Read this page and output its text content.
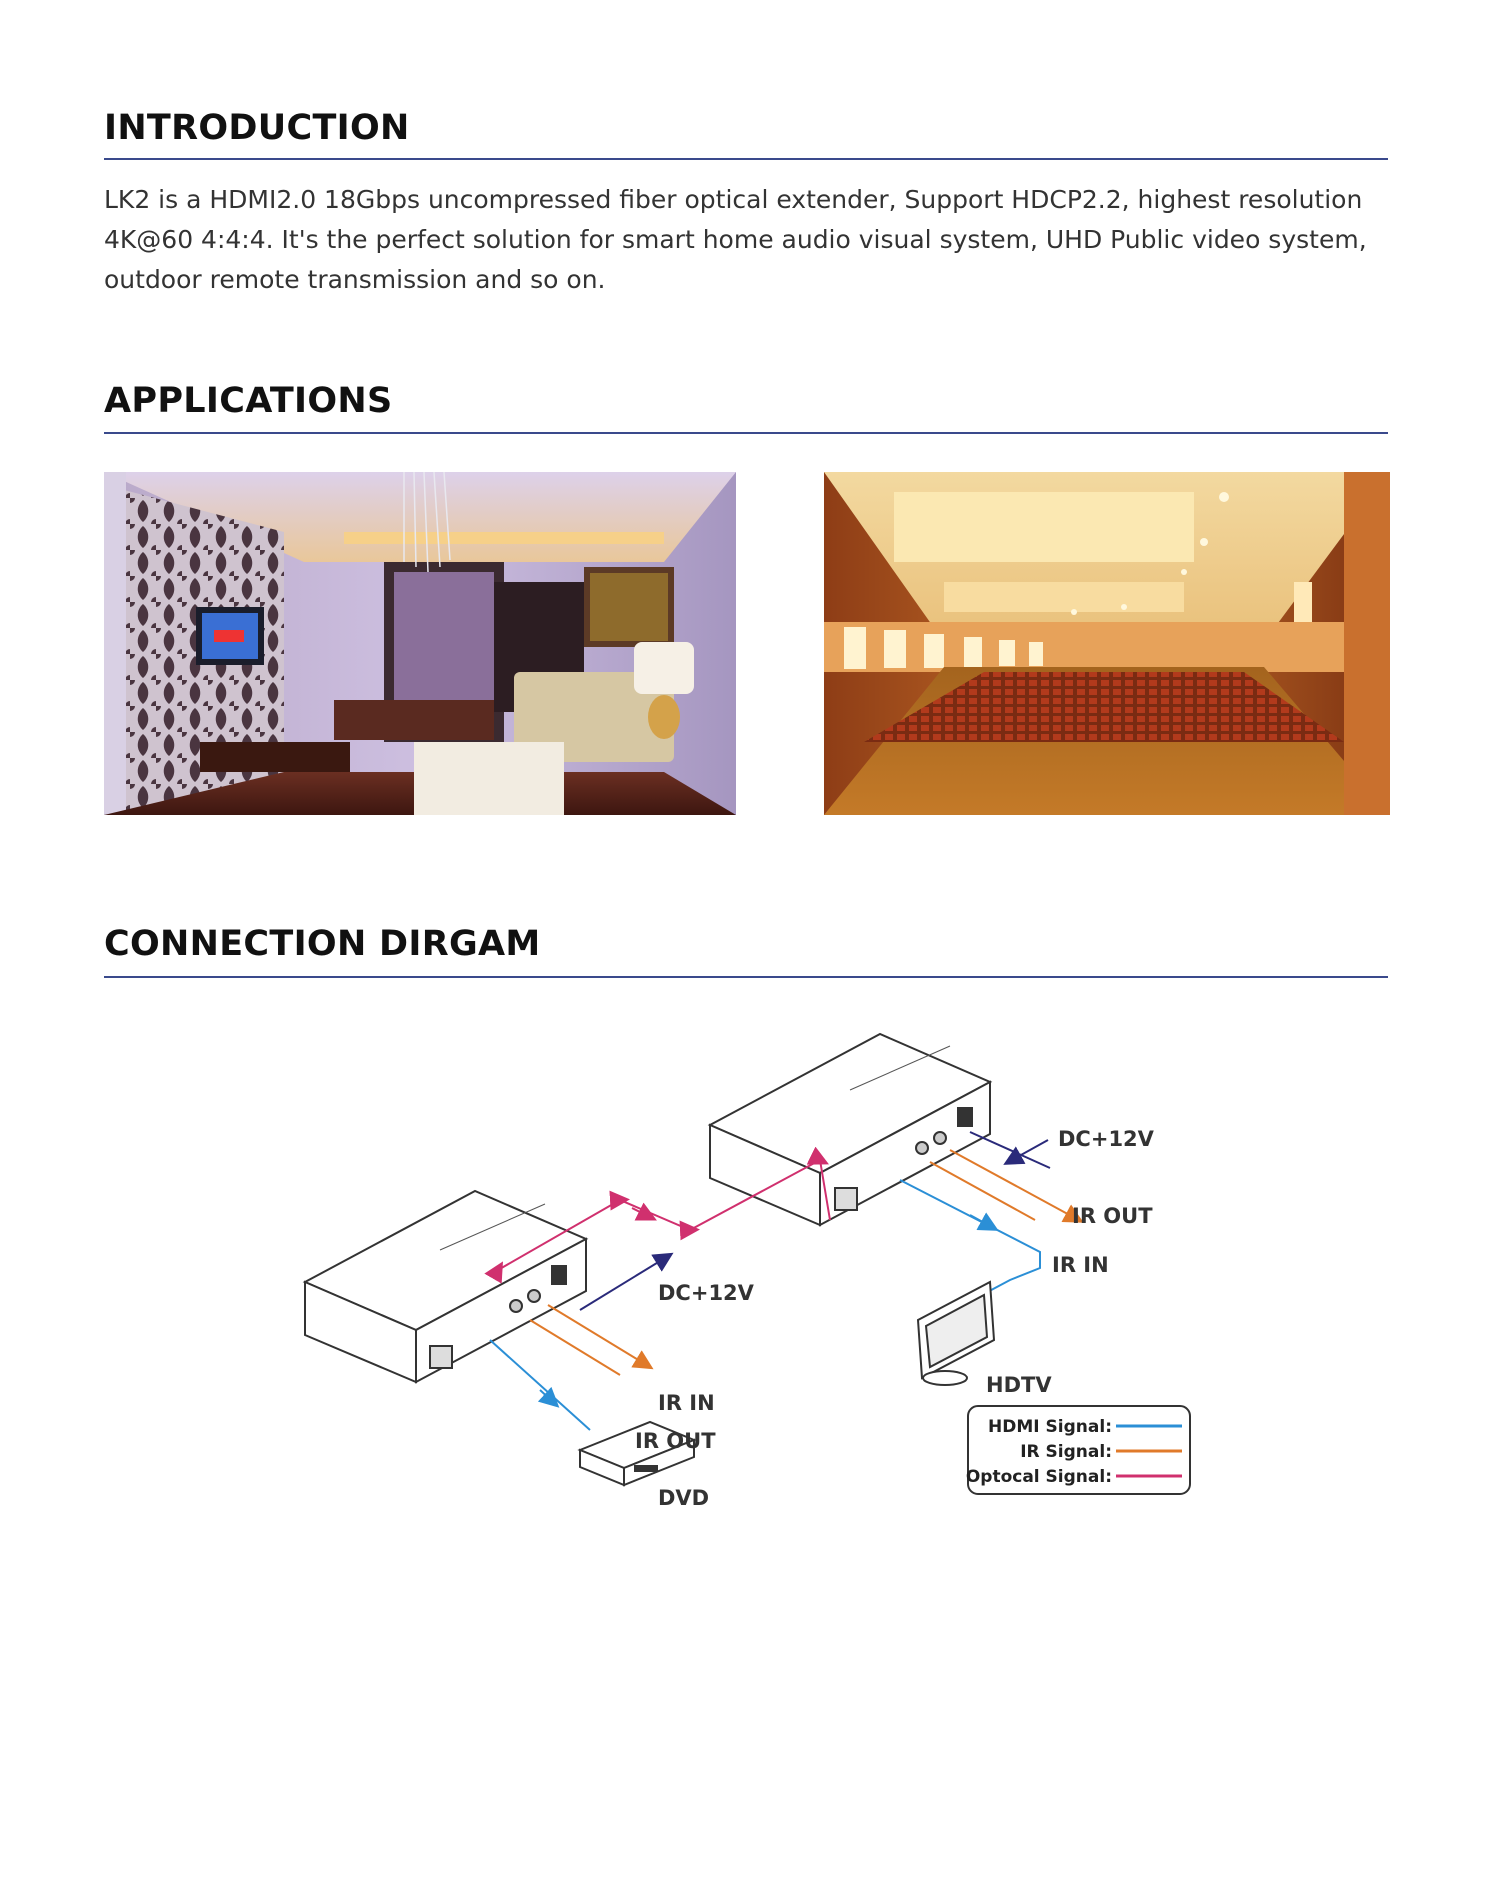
INTRODUCTION

LK2 is a HDMI2.0 18Gbps uncompressed fiber optical extender, Support HDCP2.2, highest resolution 4K@60 4:4:4. It's the perfect solution for smart home audio visual system, UHD Public video system, outdoor remote transmission and so on.

APPLICATIONS
CONNECTION DIRGAM
DC+12V
IR IN
IR OUT
DVD
DC+12V
IR OUT
IR IN
HDTV
HDMI Signal:
IR Signal:
Optocal Signal:
